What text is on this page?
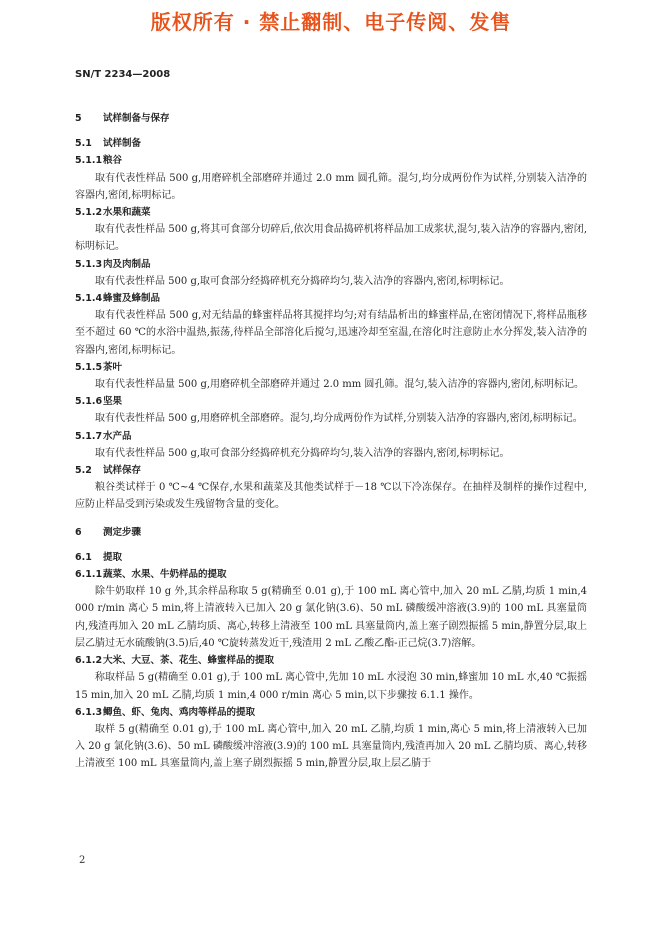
版权所有 · 禁止翻制、电子传阅、发售
SN/T 2234—2008
5 试样制备与保存
5.1 试样制备
5.1.1粮谷
取有代表性样品 500 g,用磨碎机全部磨碎并通过 2.0 mm 圆孔筛。混匀,均分成两份作为试样,分别装入洁净的容器内,密闭,标明标记。
5.1.2水果和蔬菜
取有代表性样品 500 g,将其可食部分切碎后,依次用食品捣碎机将样品加工成浆状,混匀,装入洁净的容器内,密闭,标明标记。
5.1.3肉及肉制品
取有代表性样品 500 g,取可食部分经捣碎机充分捣碎均匀,装入洁净的容器内,密闭,标明标记。
5.1.4蜂蜜及蜂制品
取有代表性样品 500 g,对无结晶的蜂蜜样品将其搅拌均匀;对有结晶析出的蜂蜜样品,在密闭情况下,将样品瓶移至不超过 60 ℃的水浴中温热,振荡,待样品全部溶化后搅匀,迅速冷却至室温,在溶化时注意防止水分挥发,装入洁净的容器内,密闭,标明标记。
5.1.5茶叶
取有代表性样品量 500 g,用磨碎机全部磨碎并通过 2.0 mm 圆孔筛。混匀,装入洁净的容器内,密闭,标明标记。
5.1.6坚果
取有代表性样品 500 g,用磨碎机全部磨碎。混匀,均分成两份作为试样,分别装入洁净的容器内,密闭,标明标记。
5.1.7水产品
取有代表性样品 500 g,取可食部分经捣碎机充分捣碎均匀,装入洁净的容器内,密闭,标明标记。
5.2 试样保存
粮谷类试样于 0 ℃~4 ℃保存,水果和蔬菜及其他类试样于－18 ℃以下冷冻保存。在抽样及制样的操作过程中,应防止样品受到污染或发生残留物含量的变化。
6 测定步骤
6.1 提取
6.1.1蔬菜、水果、牛奶样品的提取
除牛奶取样 10 g 外,其余样品称取 5 g(精确至 0.01 g),于 100 mL 离心管中,加入 20 mL 乙腈,均质 1 min,4 000 r/min 离心 5 min,将上清液转入已加入 20 g 氯化钠(3.6)、50 mL 磷酸缓冲溶液(3.9)的 100 mL 具塞量筒内,残渣再加入 20 mL 乙腈均质、离心,转移上清液至 100 mL 具塞量筒内,盖上塞子剧烈振摇 5 min,静置分层,取上层乙腈过无水硫酸钠(3.5)后,40 ℃旋转蒸发近干,残渣用 2 mL 乙酸乙酯-正己烷(3.7)溶解。
6.1.2大米、大豆、茶、花生、蜂蜜样品的提取
称取样品 5 g(精确至 0.01 g),于 100 mL 离心管中,先加 10 mL 水浸泡 30 min,蜂蜜加 10 mL 水,40 ℃振摇 15 min,加入 20 mL 乙腈,均质 1 min,4 000 r/min 离心 5 min,以下步骤按 6.1.1 操作。
6.1.3鲫鱼、虾、兔肉、鸡肉等样品的提取
取样 5 g(精确至 0.01 g),于 100 mL 离心管中,加入 20 mL 乙腈,均质 1 min,离心 5 min,将上清液转入已加入 20 g 氯化钠(3.6)、50 mL 磷酸缓冲溶液(3.9)的 100 mL 具塞量筒内,残渣再加入 20 mL 乙腈均质、离心,转移上清液至 100 mL 具塞量筒内,盖上塞子剧烈振摇 5 min,静置分层,取上层乙腈于
2
